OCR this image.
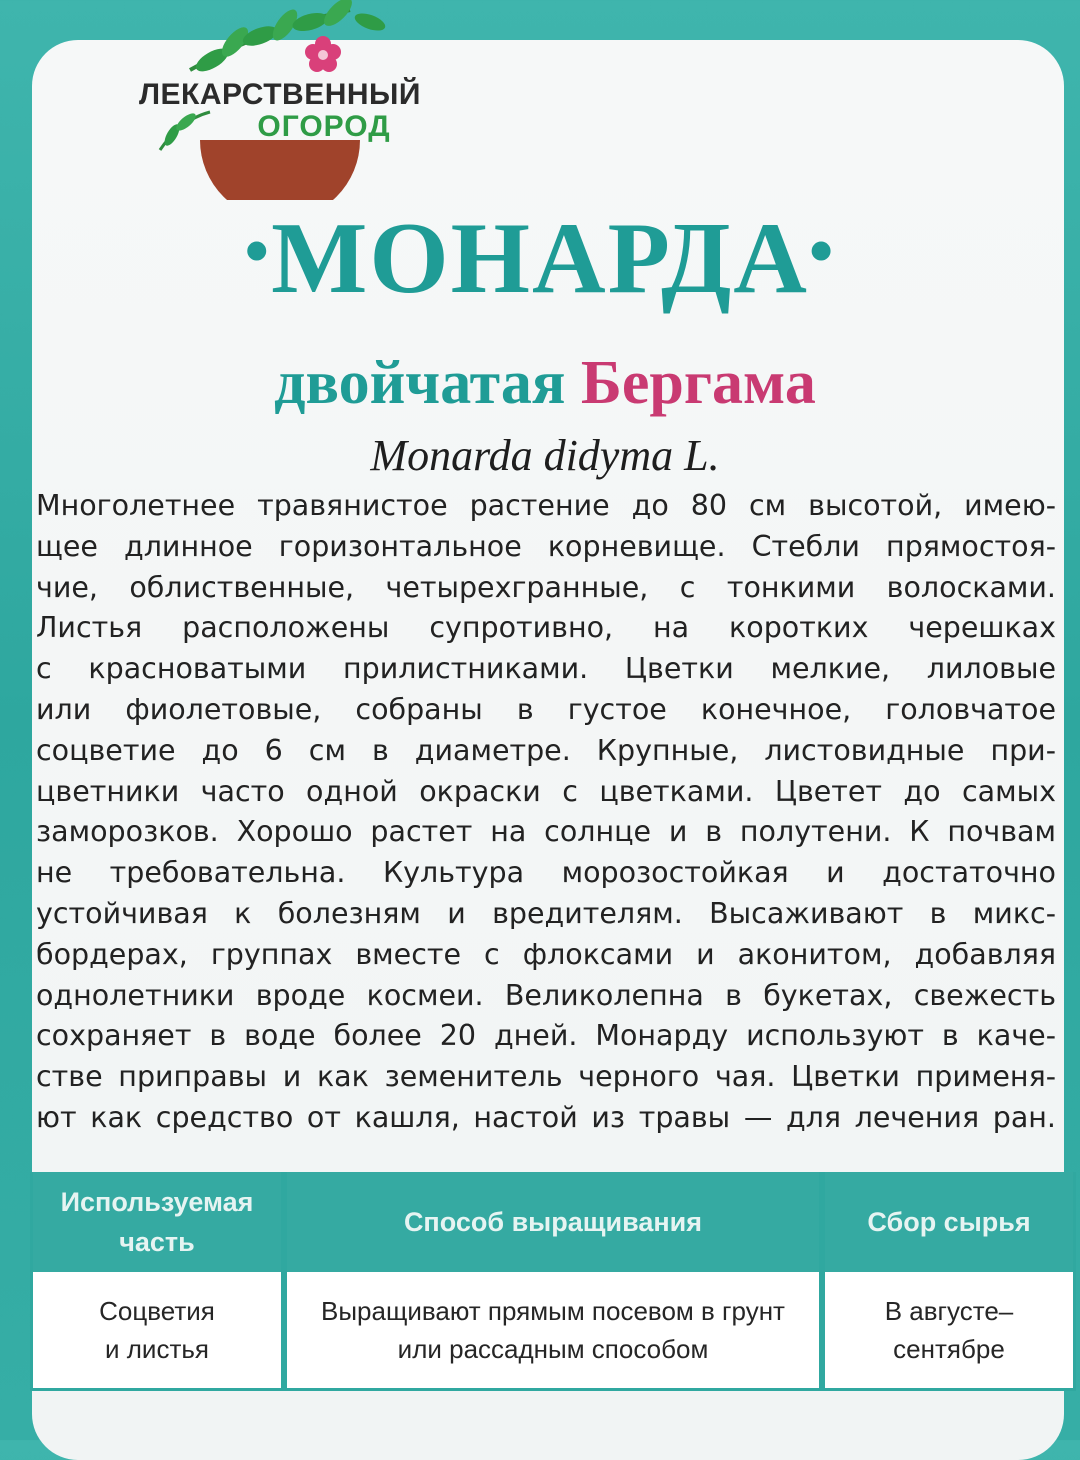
ЛЕКАРСТВЕННЫЙ
ОГОРОД
•МОНАРДА•
двойчатая Бергама
Monarda didyma L.
Многолетнее травянистое растение до 80 см высотой, имею-
щее длинное горизонтальное корневище. Стебли прямостоя-
чие, облиственные, четырехгранные, с тонкими волосками.
Листья расположены супротивно, на коротких черешках
с красноватыми прилистниками. Цветки мелкие, лиловые
или фиолетовые, собраны в густое конечное, головчатое
соцветие до 6 см в диаметре. Крупные, листовидные при-
цветники часто одной окраски с цветками. Цветет до самых
заморозков. Хорошо растет на солнце и в полутени. К почвам
не требовательна. Культура морозостойкая и достаточно
устойчивая к болезням и вредителям. Высаживают в микс-
бордерах, группах вместе с флоксами и аконитом, добавляя
однолетники вроде космеи. Великолепна в букетах, свежесть
сохраняет в воде более 20 дней. Монарду используют в каче-
стве приправы и как земенитель черного чая. Цветки применя-
ют как средство от кашля, настой из травы — для лечения ран.
Используемая
часть
Способ выращивания	Сбор сырья
Соцветия
и листья
Выращивают прямым посевом в грунт
или рассадным способом
В августе–
сентябре
